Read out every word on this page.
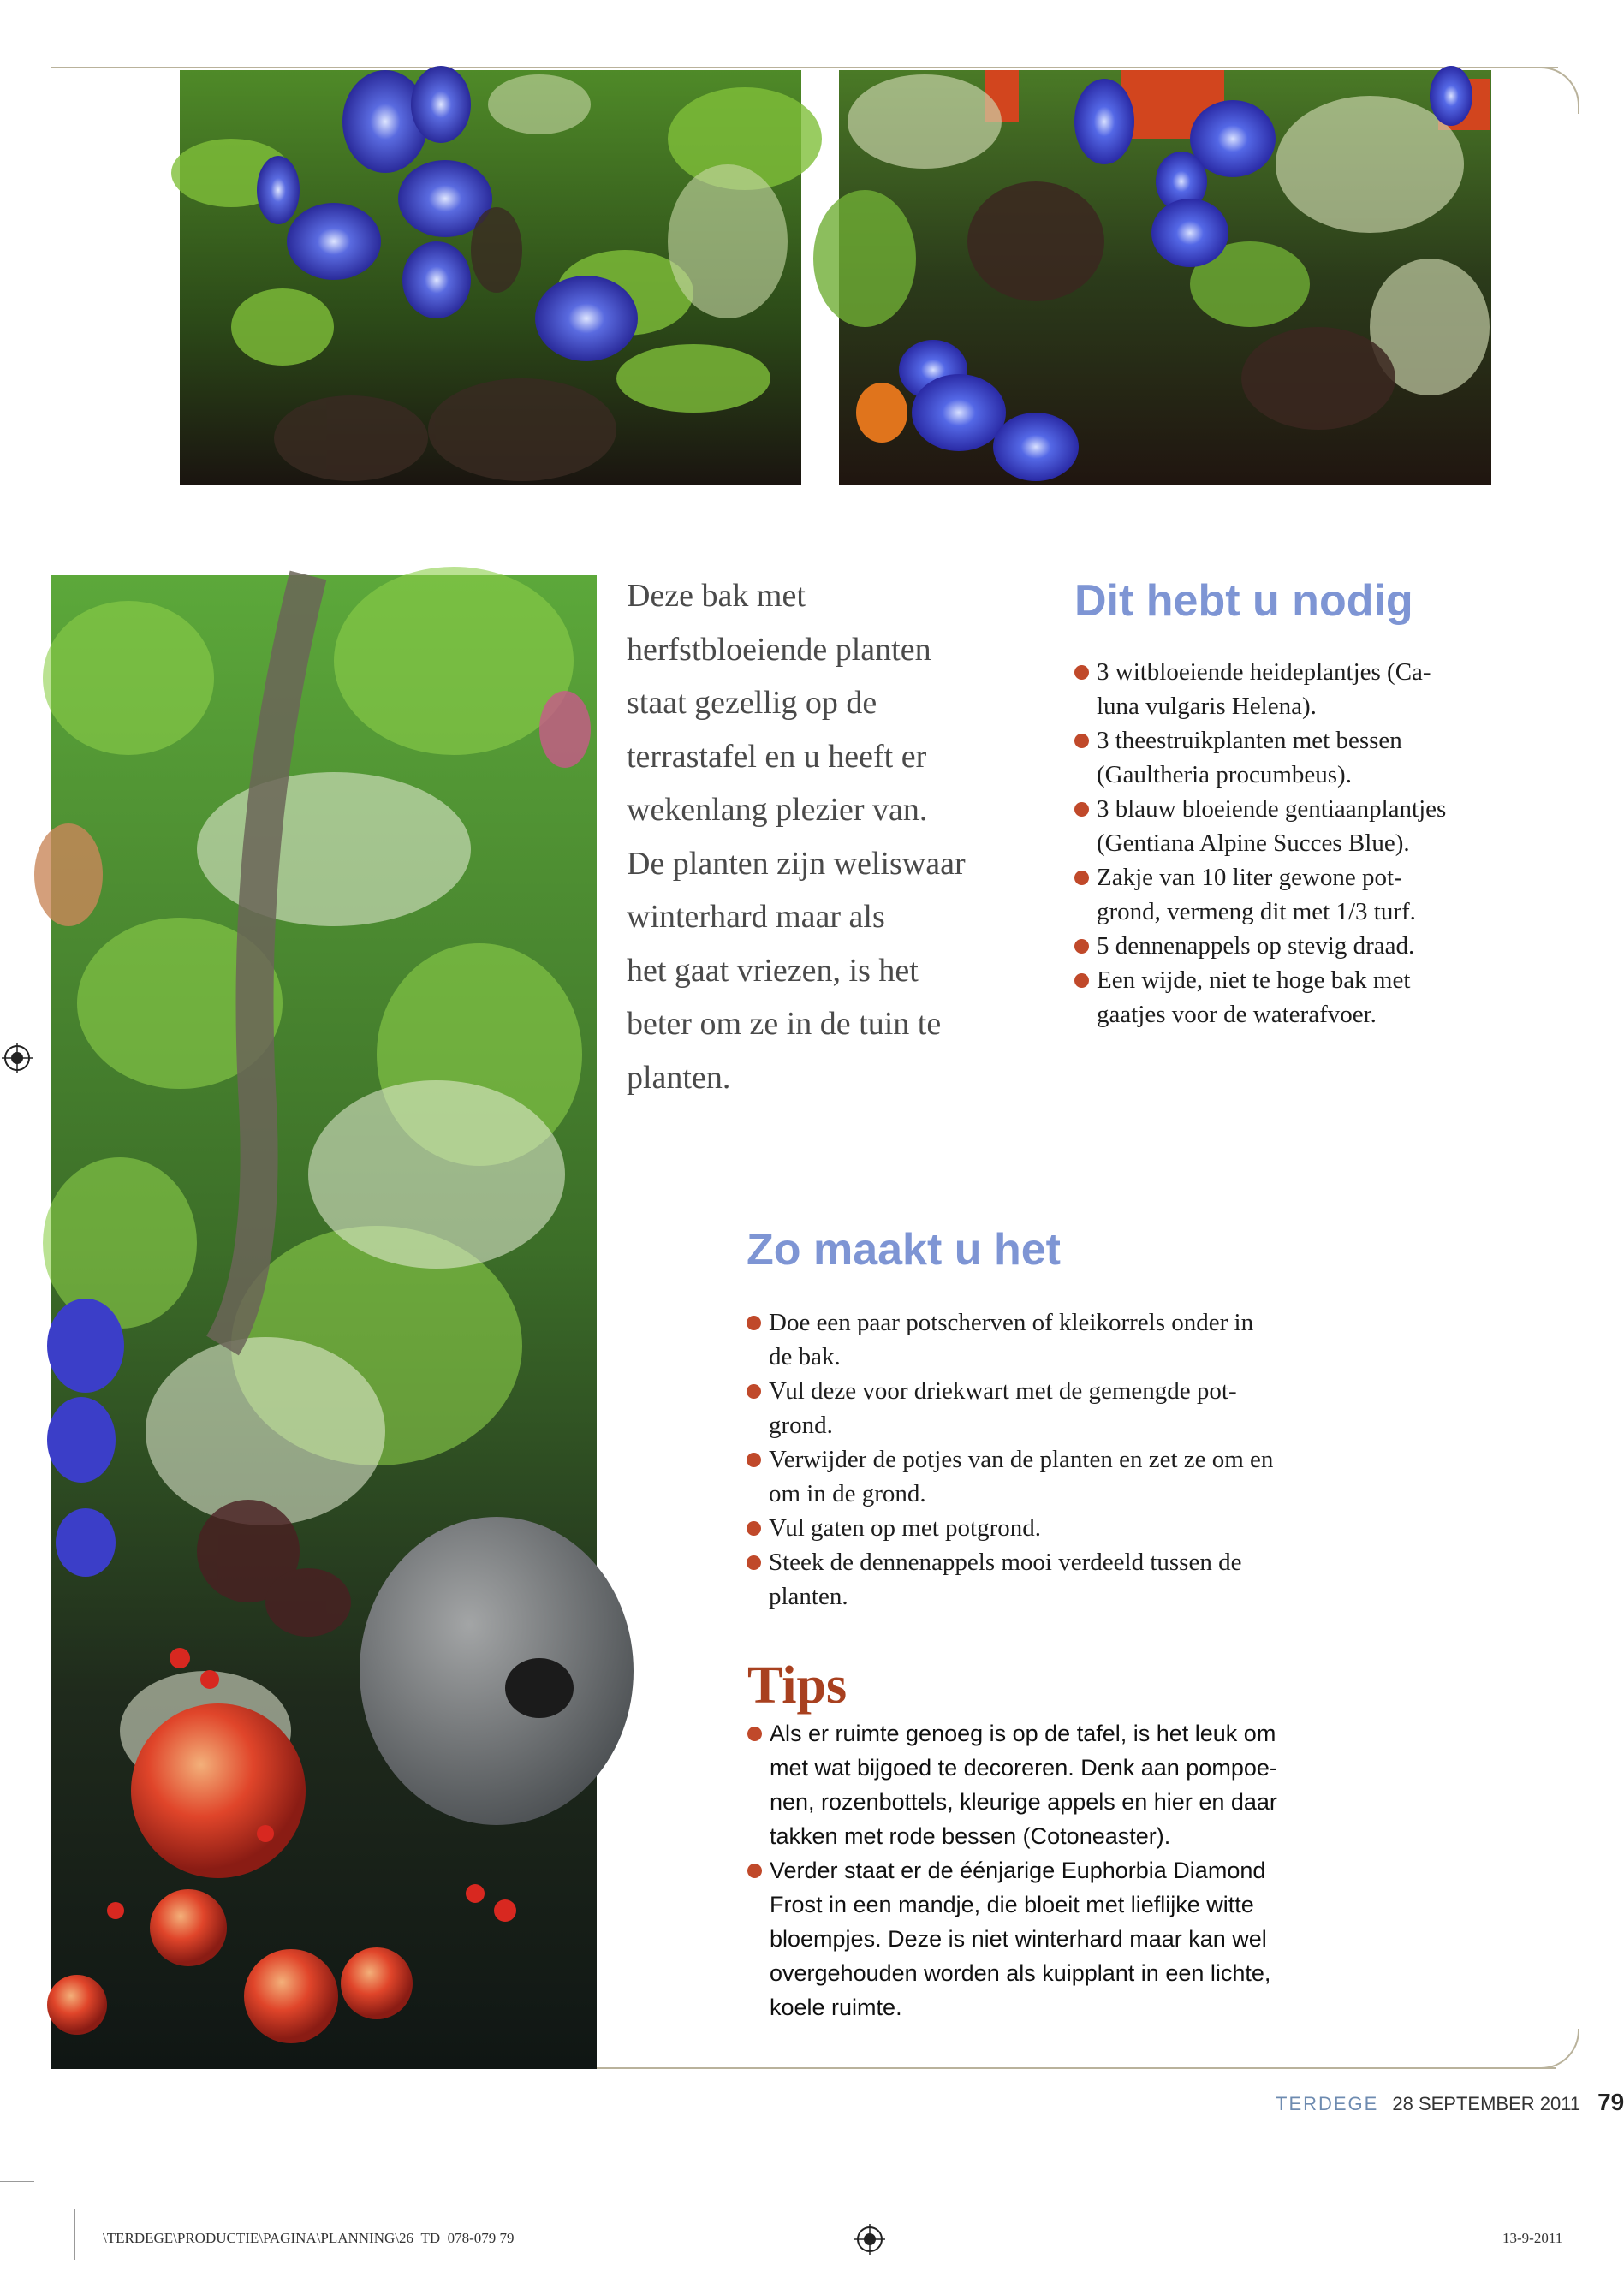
Deze bak met

herfstbloeiende planten

staat gezellig op de

terrastafel en u heeft er

wekenlang plezier van.

De planten zijn weliswaar

winterhard maar als

het gaat vriezen, is het

beter om ze in de tuin te

planten.

Dit hebt u nodig
3 witbloeiende heideplantjes (Ca-
luna vulgaris Helena).
3 theestruikplanten met bessen
(Gaultheria procumbeus).
3 blauw bloeiende gentiaanplantjes
(Gentiana Alpine Succes Blue).
Zakje van 10 liter gewone pot-
grond, vermeng dit met 1/3 turf.
5 dennenappels op stevig draad.
Een wijde, niet te hoge bak met
gaatjes voor de waterafvoer.
Zo maakt u het
Doe een paar potscherven of kleikorrels onder in
de bak.
Vul deze voor driekwart met de gemengde pot-
grond.
Verwijder de potjes van de planten en zet ze om en
om in de grond.
Vul gaten op met potgrond.
Steek de dennenappels mooi verdeeld tussen de
planten.
Tips
Als er ruimte genoeg is op de tafel, is het leuk om
met wat bijgoed te decoreren. Denk aan pompoe-
nen, rozenbottels, kleurige appels en hier en daar
takken met rode bessen (Cotoneaster).
Verder staat er de éénjarige Euphorbia Diamond
Frost in een mandje, die bloeit met lieflijke witte
bloempjes. Deze is niet winterhard maar kan wel
overgehouden worden als kuipplant in een lichte,
koele ruimte.
TERDEGE 28 SEPTEMBER 2011 79
\TERDEGE\PRODUCTIE\PAGINA\PLANNING\26_TD_078-079 79	13-9-2011
